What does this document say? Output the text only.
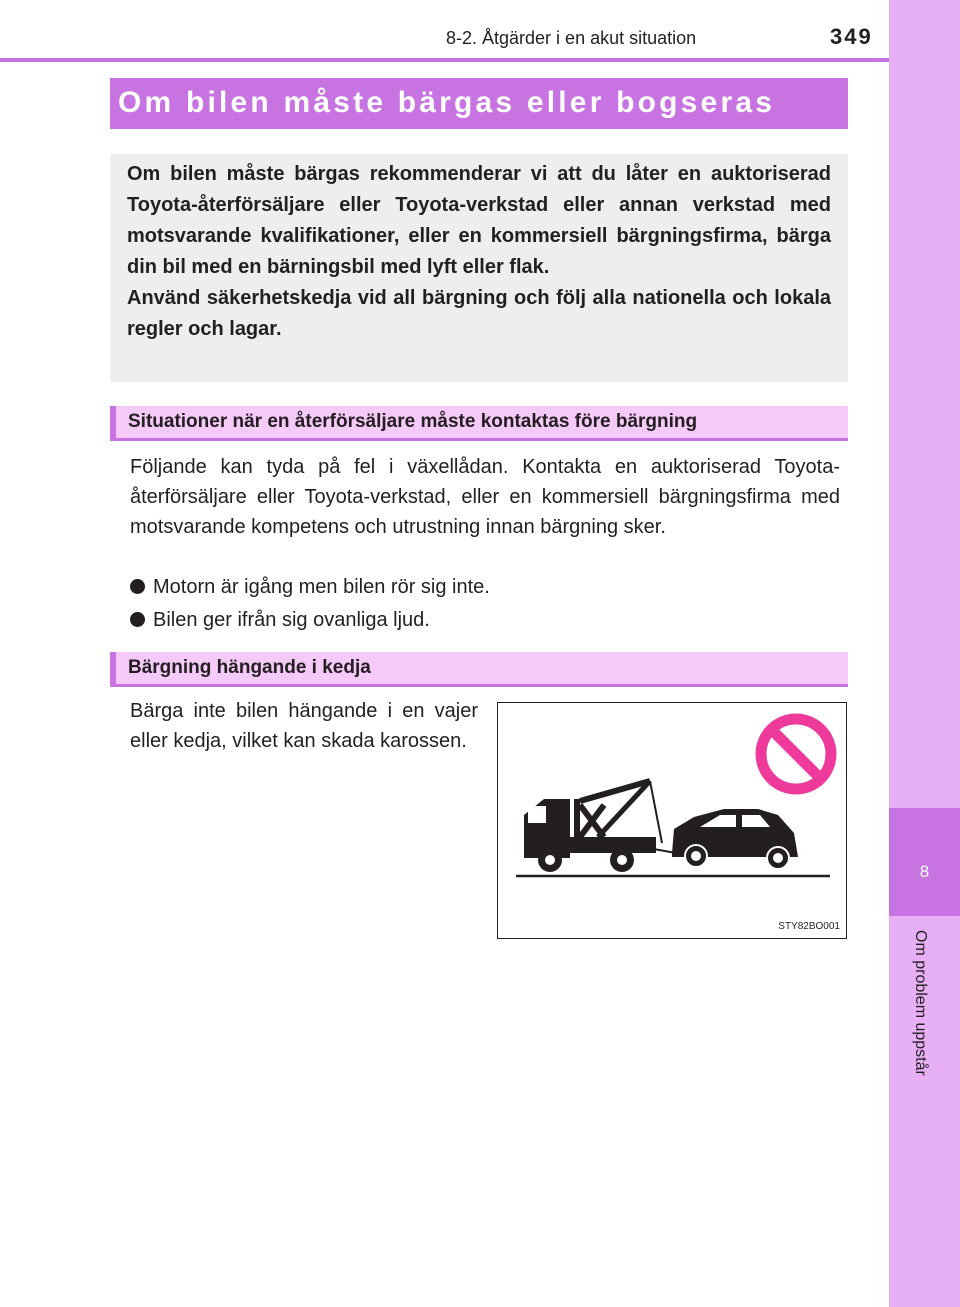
8-2. Åtgärder i en akut situation	349
8
Om problem uppstår
Om bilen måste bärgas eller bogseras

Om bilen måste bärgas rekommenderar vi att du låter en auktoriserad Toyota-återförsäljare eller Toyota-verkstad eller annan verkstad med motsvarande kvalifikationer, eller en kommersiell bärgningsfirma, bärga din bil med en bärningsbil med lyft eller flak.

Använd säkerhetskedja vid all bärgning och följ alla nationella och lokala regler och lagar.

Situationer när en återförsäljare måste kontaktas före bärgning

Följande kan tyda på fel i växellådan. Kontakta en auktoriserad Toyota-återförsäljare eller Toyota-verkstad, eller en kommersiell bärgningsfirma med motsvarande kompetens och utrustning innan bärgning sker.

Motorn är igång men bilen rör sig inte.
Bilen ger ifrån sig ovanliga ljud.
Bärgning hängande i kedja

Bärga inte bilen hängande i en vajer eller kedja, vilket kan skada karossen.

STY82BO001
